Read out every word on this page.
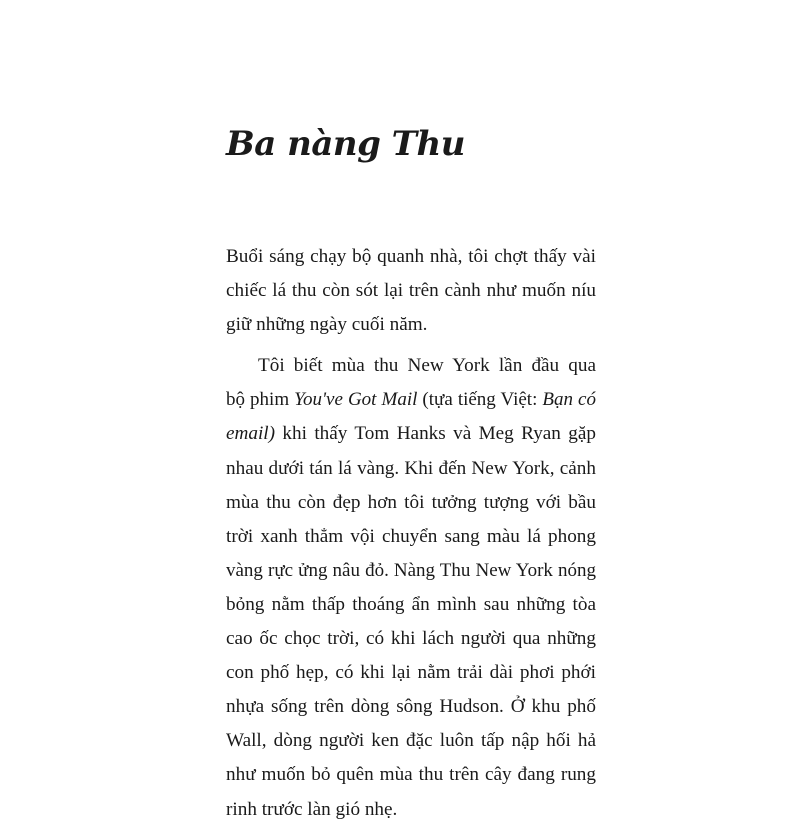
Ba nàng Thu
Buổi sáng chạy bộ quanh nhà, tôi chợt thấy vài
chiếc lá thu còn sót lại trên cành như muốn níu
giữ những ngày cuối năm.
Tôi biết mùa thu New York lần đầu qua
bộ phim You've Got Mail (tựa tiếng Việt: Bạn có
email) khi thấy Tom Hanks và Meg Ryan gặp
nhau dưới tán lá vàng. Khi đến New York, cảnh
mùa thu còn đẹp hơn tôi tưởng tượng với bầu
trời xanh thẳm vội chuyển sang màu lá phong
vàng rực ửng nâu đỏ. Nàng Thu New York nóng
bỏng nằm thấp thoáng ẩn mình sau những tòa
cao ốc chọc trời, có khi lách người qua những
con phố hẹp, có khi lại nằm trải dài phơi phới
nhựa sống trên dòng sông Hudson. Ở khu phố
Wall, dòng người ken đặc luôn tấp nập hối hả
như muốn bỏ quên mùa thu trên cây đang rung
rinh trước làn gió nhẹ.
